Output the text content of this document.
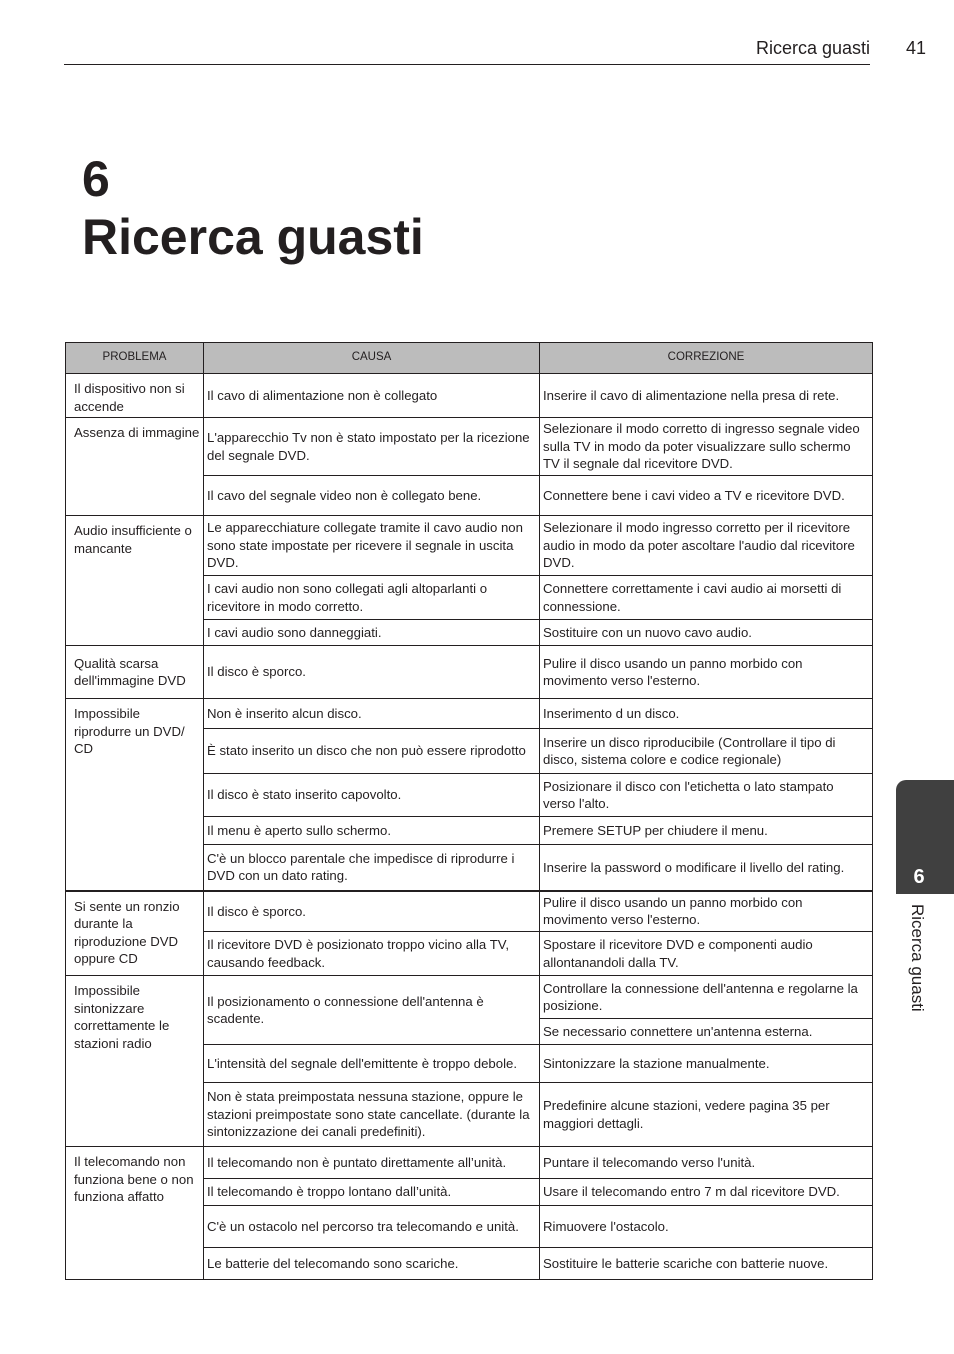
Ricerca guasti 41
6
Ricerca guasti
PROBLEMA	CAUSA	CORREZIONE
Il dispositivo non si accende	Il cavo di alimentazione non è collegato	Inserire il cavo di alimentazione nella presa di rete.
Assenza di immagine	L'apparecchio Tv non è stato impostato per la ricezione del segnale DVD.	Selezionare il modo corretto di ingresso segnale video sulla TV in modo da poter visualizzare sullo schermo TV il segnale dal ricevitore DVD.
	Il cavo del segnale video non è collegato bene.	Connettere bene i cavi video a TV e ricevitore DVD.
Audio insufficiente o mancante	Le apparecchiature collegate tramite il cavo audio non sono state impostate per ricevere il segnale in uscita DVD.	Selezionare il modo ingresso corretto per il ricevitore audio in modo da poter ascoltare l'audio dal ricevitore DVD.
	I cavi audio non sono collegati agli altoparlanti o ricevitore in modo corretto.	Connettere correttamente i cavi audio ai morsetti di connessione.
	I cavi audio sono danneggiati.	Sostituire con un nuovo cavo audio.
Qualità scarsa dell'immagine DVD	Il disco è sporco.	Pulire il disco usando un panno morbido con movimento verso l'esterno.
Impossibile riprodurre un DVD/ CD	Non è inserito alcun disco.	Inserimento d un disco.
	È stato inserito un disco che non può essere riprodotto	Inserire un disco riproducibile (Controllare il tipo di disco, sistema colore e codice regionale)
	Il disco è stato inserito capovolto.	Posizionare il disco con l'etichetta o lato stampato verso l'alto.
	Il menu è aperto sullo schermo.	Premere SETUP per chiudere il menu.
	C'è un blocco parentale che impedisce di riprodurre i DVD con un dato rating.	Inserire la password o modificare il livello del rating.
Si sente un ronzio durante la riproduzione DVD oppure CD	Il disco è sporco.	Pulire il disco usando un panno morbido con movimento verso l'esterno.
	Il ricevitore DVD è posizionato troppo vicino alla TV, causando feedback.	Spostare il ricevitore DVD e componenti audio allontanandoli dalla TV.
Impossibile sintonizzare correttamente le stazioni radio	Il posizionamento o connessione dell'antenna è scadente.	Controllare la connessione dell'antenna e regolarne la posizione.
		Se necessario connettere un'antenna esterna.
	L'intensità del segnale dell'emittente è troppo debole.	Sintonizzare la stazione manualmente.
	Non è stata preimpostata nessuna stazione, oppure le stazioni preimpostate sono state cancellate. (durante la sintonizzazione dei canali predefiniti).	Predefinire alcune stazioni, vedere pagina 35 per maggiori dettagli.
Il telecomando non funziona bene o non funziona affatto	Il telecomando non è puntato direttamente all’unità.	Puntare il telecomando verso l'unità.
	Il telecomando è troppo lontano dall’unità.	Usare il telecomando entro 7 m dal ricevitore DVD.
	C'è un ostacolo nel percorso tra telecomando e unità.	Rimuovere l'ostacolo.
	Le batterie del telecomando sono scariche.	Sostituire le batterie scariche con batterie nuove.
6
Ricerca guasti
